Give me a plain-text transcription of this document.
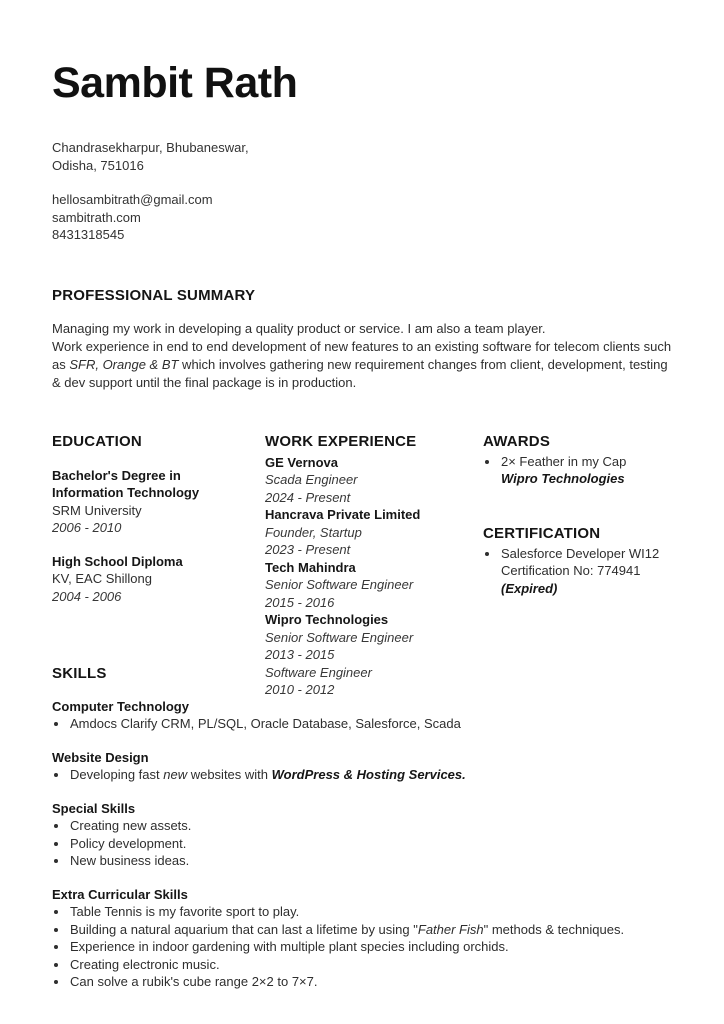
Sambit Rath
Chandrasekharpur, Bhubaneswar,
Odisha, 751016
hellosambitrath@gmail.com
sambitrath.com
8431318545
PROFESSIONAL SUMMARY

Managing my work in developing a quality product or service. I am also a team player.

Work experience in end to end development of new features to an existing software for telecom clients such as SFR, Orange & BT which involves gathering new requirement changes from client, development, testing & dev support until the final package is in production.

EDUCATION
Bachelor's Degree in Information Technology
SRM University
2006 - 2010
High School Diploma
KV, EAC Shillong
2004 - 2006
WORK EXPERIENCE
GE Vernova
Scada Engineer
2024 - Present
Hancrava Private Limited
Founder, Startup
2023 - Present
Tech Mahindra
Senior Software Engineer
2015 - 2016
Wipro Technologies
Senior Software Engineer
2013 - 2015
Software Engineer
2010 - 2012
AWARDS
• 2× Feather in my Cap
Wipro Technologies
CERTIFICATION
• Salesforce Developer WI12
Certification No: 774941
(Expired)
SKILLS
Computer Technology
• Amdocs Clarify CRM, PL/SQL, Oracle Database, Salesforce, Scada
Website Design
• Developing fast new websites with WordPress & Hosting Services.
Special Skills
• Creating new assets.
• Policy development.
• New business ideas.
Extra Curricular Skills
• Table Tennis is my favorite sport to play.
• Building a natural aquarium that can last a lifetime by using "Father Fish" methods & techniques.
• Experience in indoor gardening with multiple plant species including orchids.
• Creating electronic music.
• Can solve a rubik's cube range 2×2 to 7×7.
